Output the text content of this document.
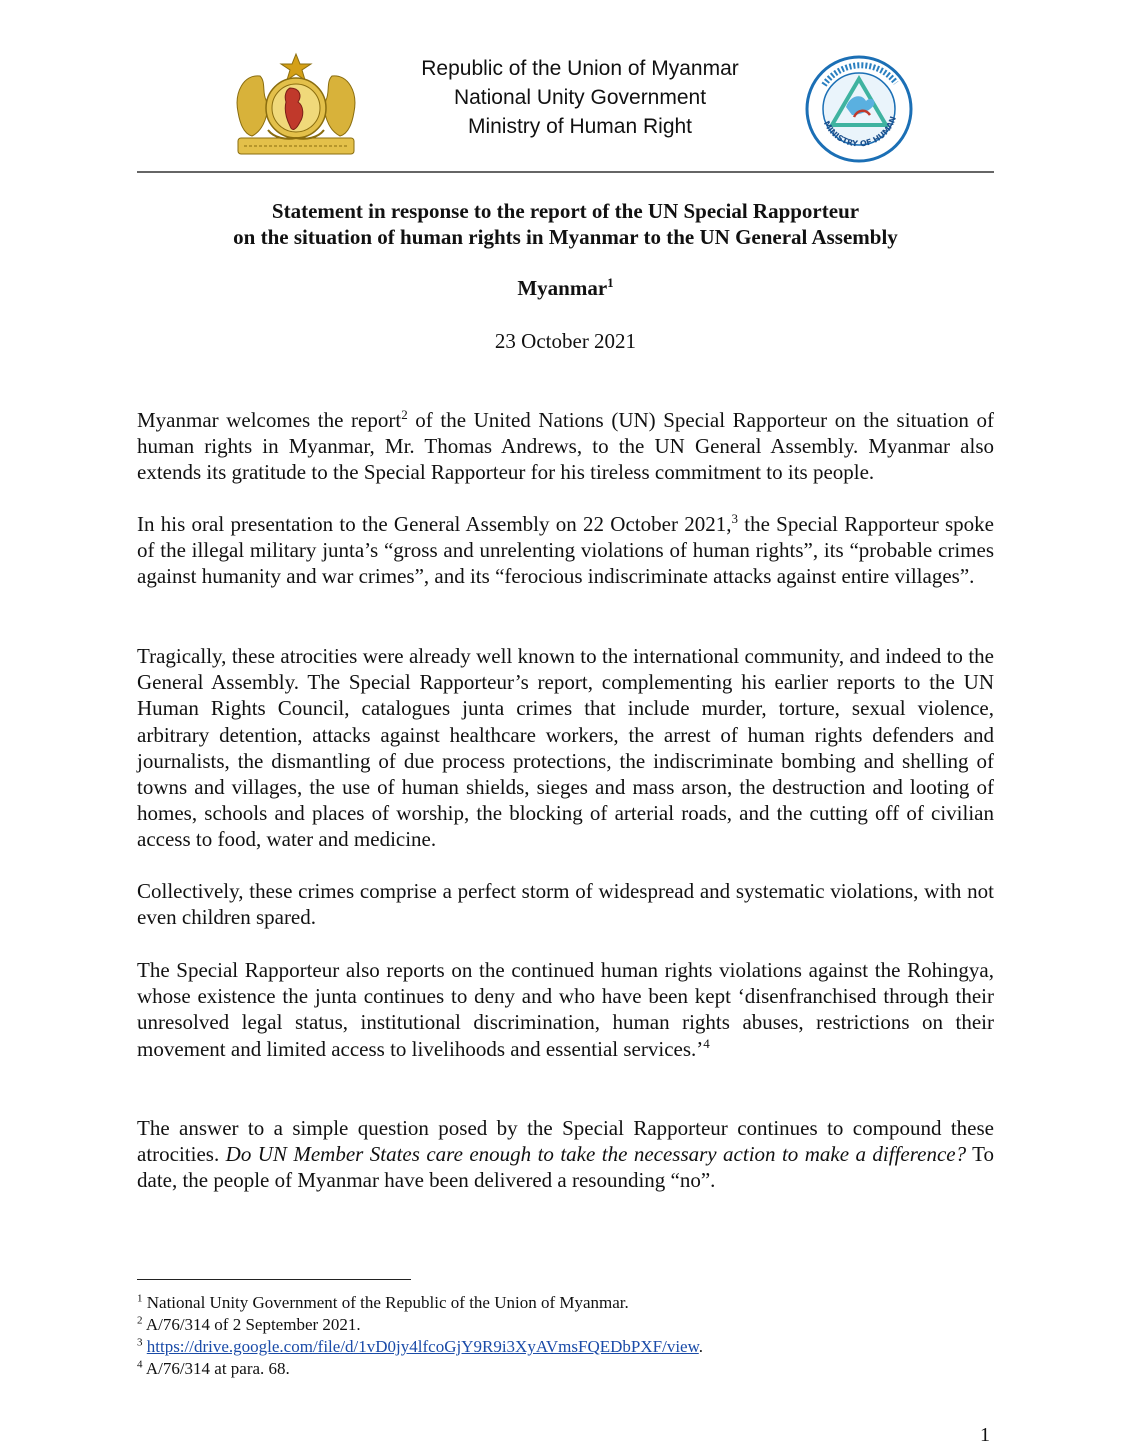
Republic of the Union of Myanmar
National Unity Government
Ministry of Human Right	MINISTRY OF HUMAN
Statement in response to the report of the UN Special Rapporteur
on the situation of human rights in Myanmar to the UN General Assembly
Myanmar$^1$
23 October 2021

Myanmar welcomes the report$^2$ of the United Nations (UN) Special Rapporteur on the situation of human rights in Myanmar, Mr. Thomas Andrews, to the UN General Assembly. Myanmar also extends its gratitude to the Special Rapporteur for his tireless commitment to its people.

In his oral presentation to the General Assembly on 22 October 2021,$^3$ the Special Rapporteur spoke of the illegal military junta’s “gross and unrelenting violations of human rights”, its “probable crimes against humanity and war crimes”, and its “ferocious indiscriminate attacks against entire villages”.

Tragically, these atrocities were already well known to the international community, and indeed to the General Assembly. The Special Rapporteur’s report, complementing his earlier reports to the UN Human Rights Council, catalogues junta crimes that include murder, torture, sexual violence, arbitrary detention, attacks against healthcare workers, the arrest of human rights defenders and journalists, the dismantling of due process protections, the indiscriminate bombing and shelling of towns and villages, the use of human shields, sieges and mass arson, the destruction and looting of homes, schools and places of worship, the blocking of arterial roads, and the cutting off of civilian access to food, water and medicine.

Collectively, these crimes comprise a perfect storm of widespread and systematic violations, with not even children spared.

The Special Rapporteur also reports on the continued human rights violations against the Rohingya, whose existence the junta continues to deny and who have been kept ‘disenfranchised through their unresolved legal status, institutional discrimination, human rights abuses, restrictions on their movement and limited access to livelihoods and essential services.’$^4$

The answer to a simple question posed by the Special Rapporteur continues to compound these atrocities. Do UN Member States care enough to take the necessary action to make a difference? To date, the people of Myanmar have been delivered a resounding “no”.

$^1$ National Unity Government of the Republic of the Union of Myanmar.

$^2$ A/76/314 of 2 September 2021.

$^3$ https://drive.google.com/file/d/1vD0jy4lfcoGjY9R9i3XyAVmsFQEDbPXF/view.

$^4$ A/76/314 at para. 68.

1
